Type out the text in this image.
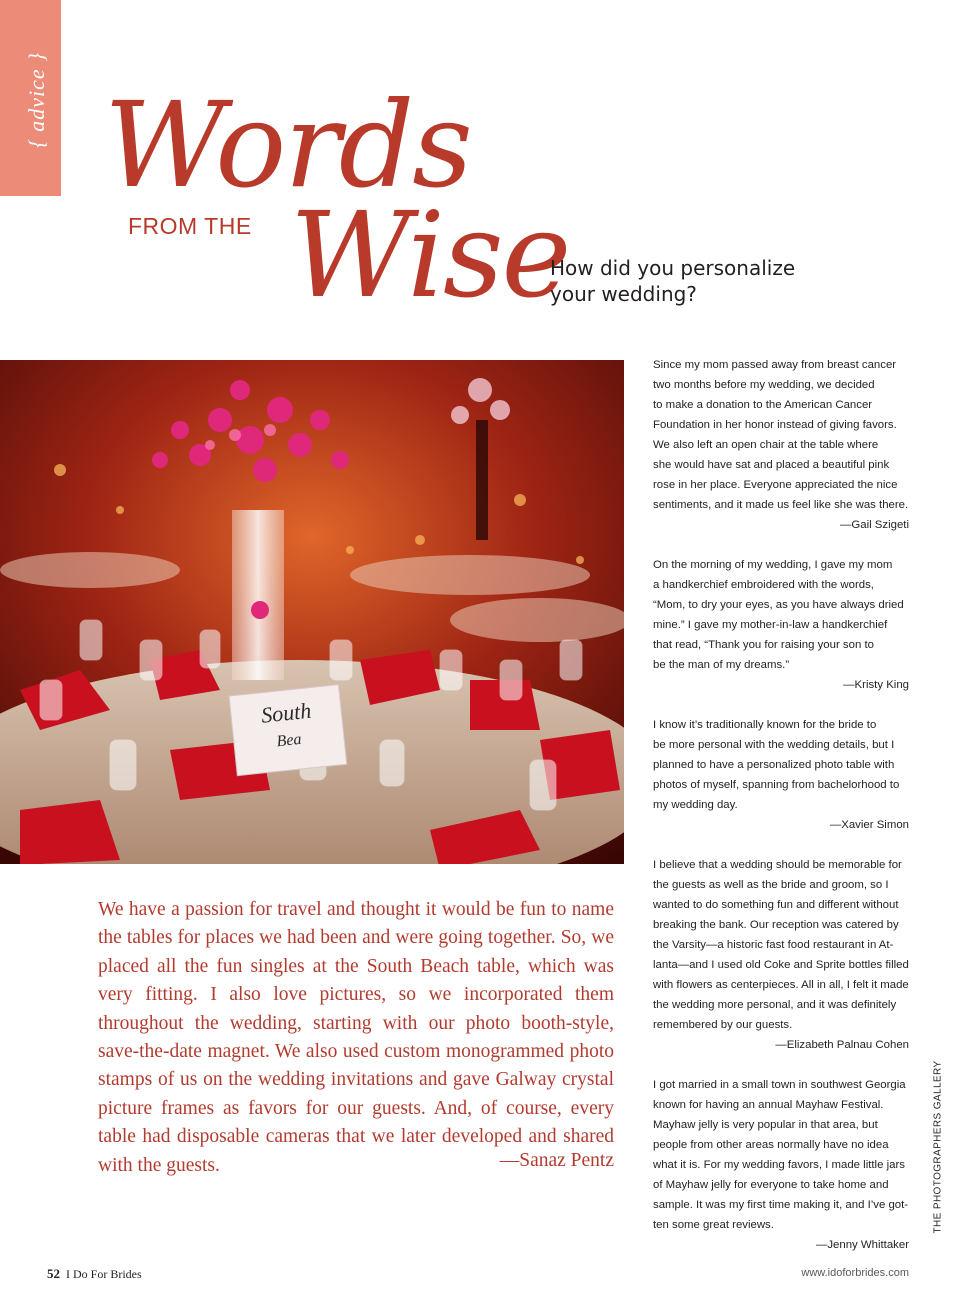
{ advice } Words
FROM THE Wise
How did you personalize
your wedding?
South
Bea
We have a passion for travel and thought it would be fun to name the tables for places we had been and were going together. So, we placed all the fun singles at the South Beach table, which was very fitting. I also love pictures, so we incorporated them throughout the wedding, starting with our photo booth-style, save-the-date magnet. We also used custom monogrammed photo stamps of us on the wedding invitations and gave Galway crystal picture frames as favors for our guests. And, of course, every table had disposable cameras that we later developed and shared with the guests.	—Sanaz Pentz
Since my mom passed away from breast cancer
two months before my wedding, we decided
to make a donation to the American Cancer
Foundation in her honor instead of giving favors.
We also left an open chair at the table where
she would have sat and placed a beautiful pink
rose in her place. Everyone appreciated the nice
sentiments, and it made us feel like she was there.
—Gail Szigeti
On the morning of my wedding, I gave my mom
a handkerchief embroidered with the words,
“Mom, to dry your eyes, as you have always dried
mine.” I gave my mother-in-law a handkerchief
that read, “Thank you for raising your son to
be the man of my dreams.”
—Kristy King
I know it’s traditionally known for the bride to
be more personal with the wedding details, but I
planned to have a personalized photo table with
photos of myself, spanning from bachelorhood to
my wedding day.
—Xavier Simon
I believe that a wedding should be memorable for
the guests as well as the bride and groom, so I
wanted to do something fun and different without
breaking the bank. Our reception was catered by
the Varsity—a historic fast food restaurant in At-
lanta—and I used old Coke and Sprite bottles filled
with flowers as centerpieces. All in all, I felt it made
the wedding more personal, and it was definitely
remembered by our guests.
—Elizabeth Palnau Cohen
I got married in a small town in southwest Georgia
known for having an annual Mayhaw Festival.
Mayhaw jelly is very popular in that area, but
people from other areas normally have no idea
what it is. For my wedding favors, I made little jars
of Mayhaw jelly for everyone to take home and
sample. It was my first time making it, and I’ve got-
ten some great reviews.
—Jenny Whittaker
THE PHOTOGRAPHERS GALLERY
52 I Do For Brides	www.idoforbrides.com
